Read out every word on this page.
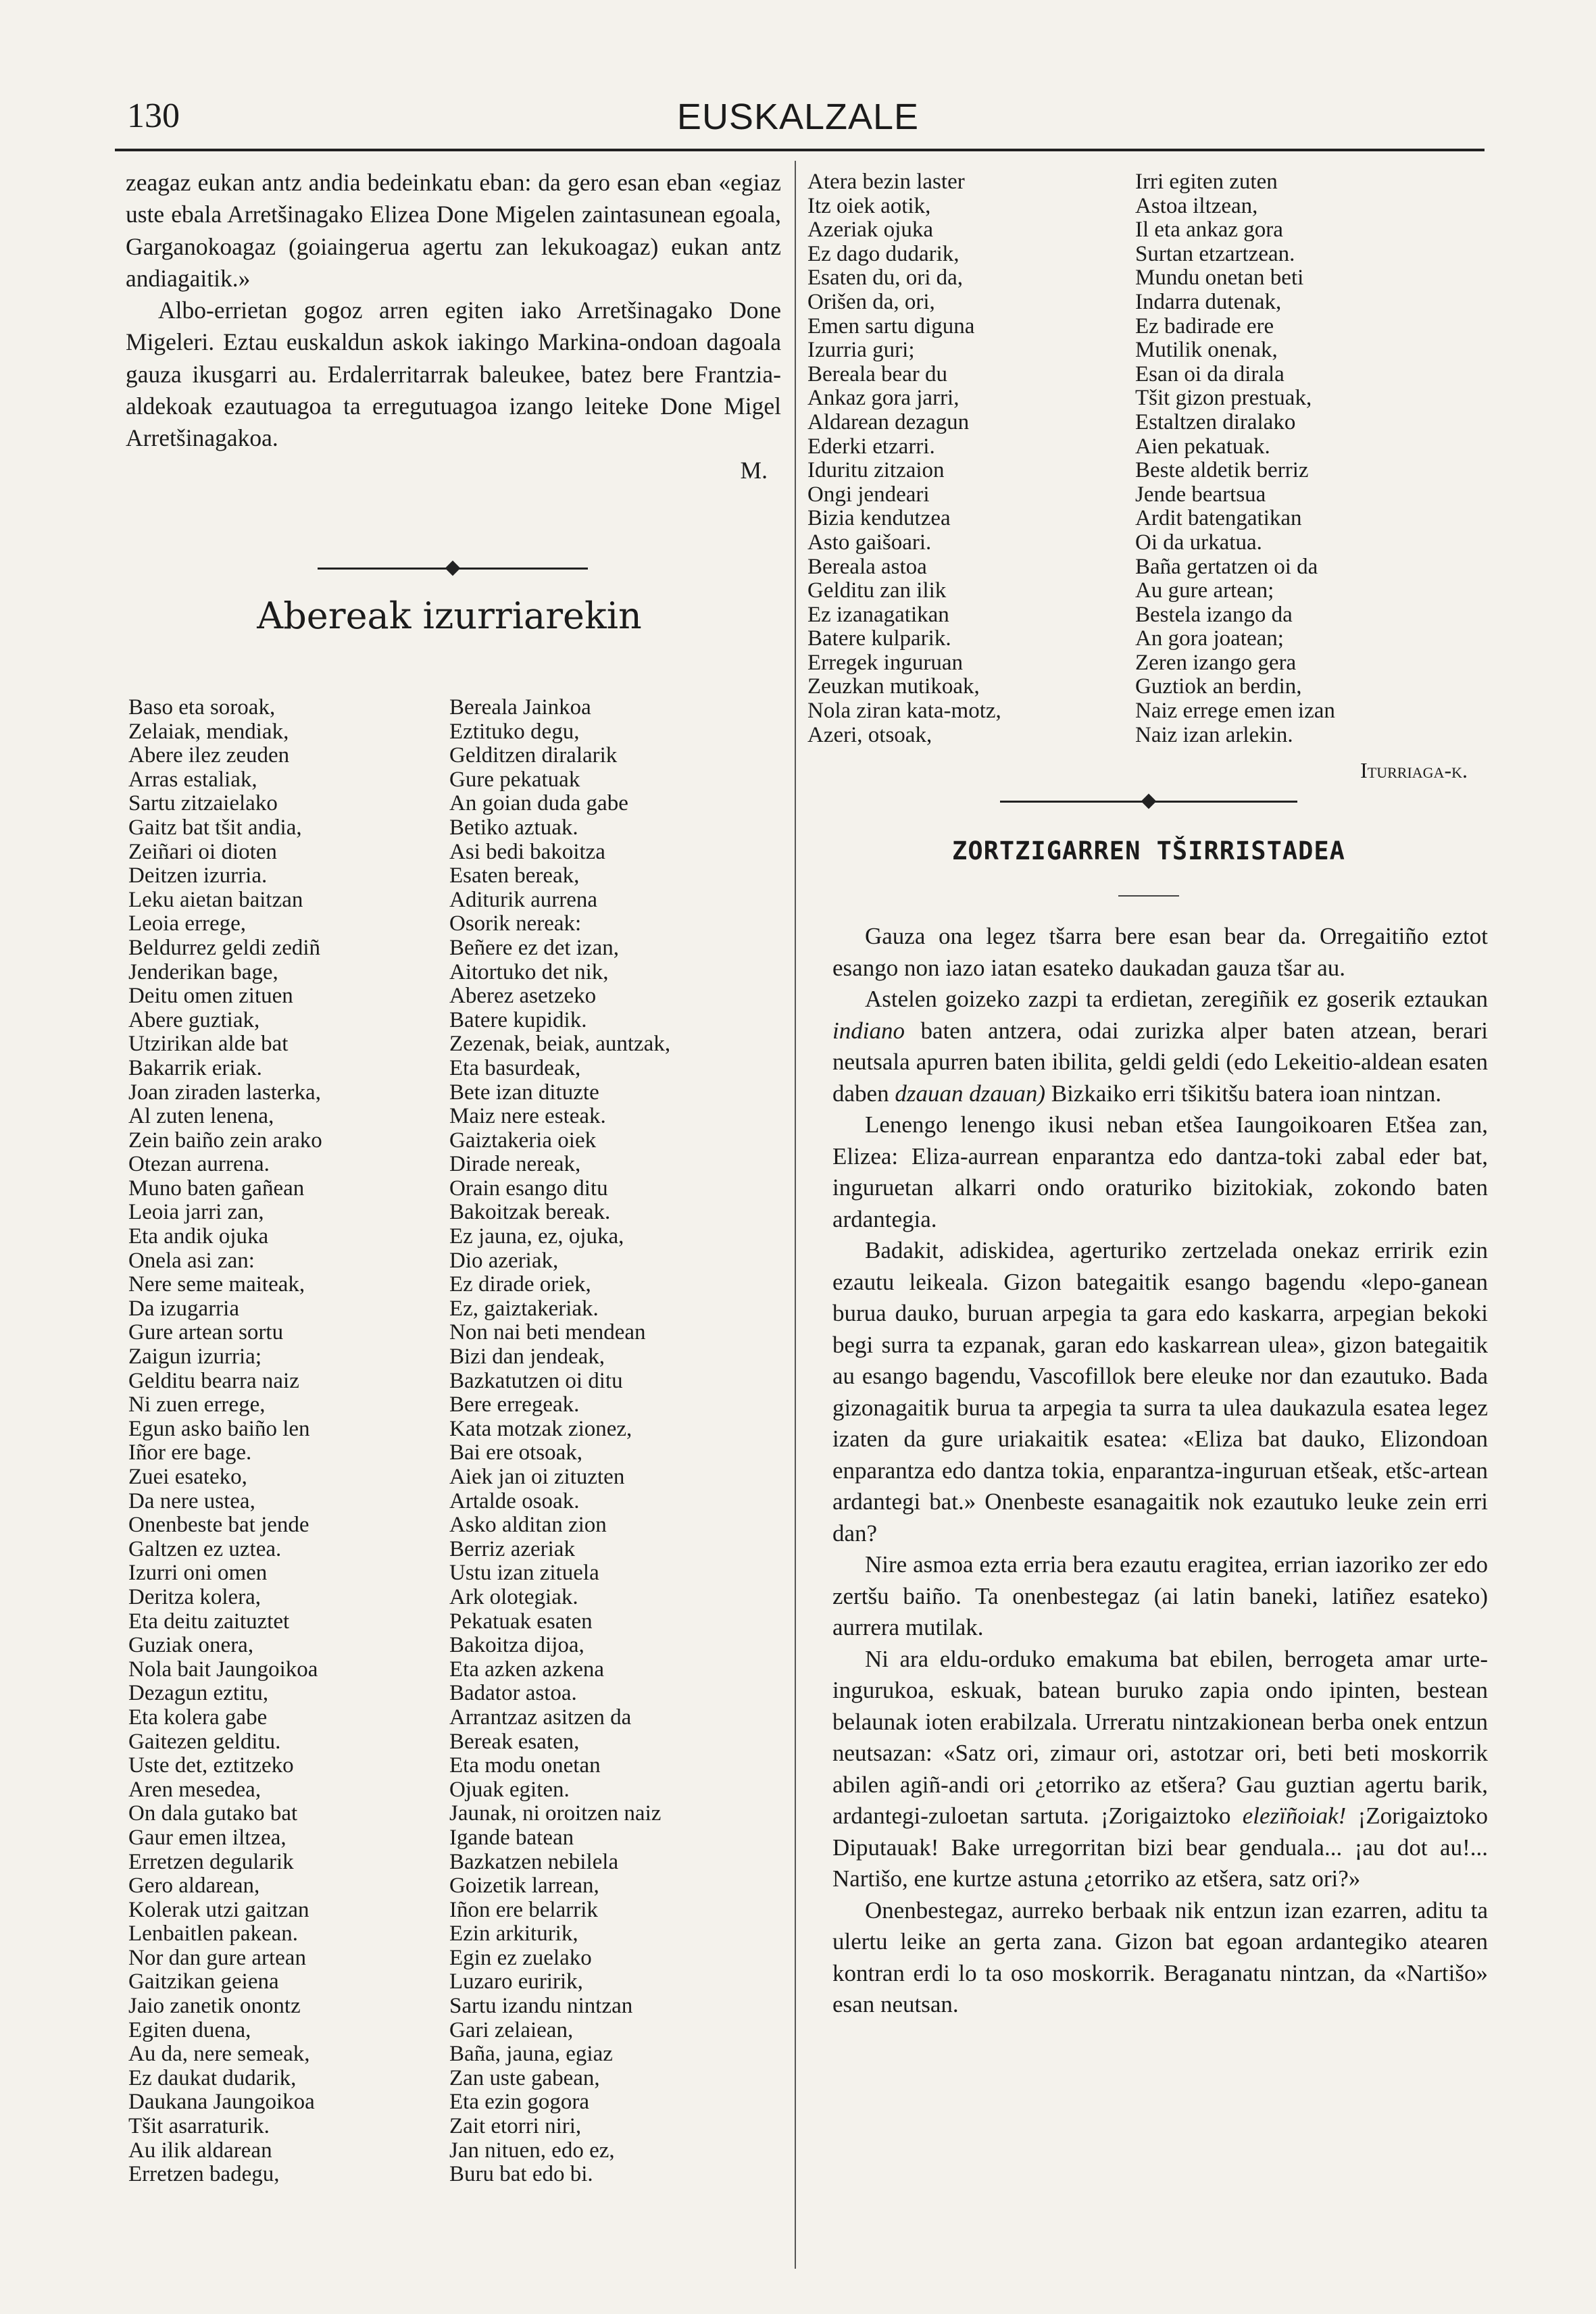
130	EUSKALZALE

zeagaz eukan antz andia bedeinkatu eban: da gero esan eban «egiaz uste ebala Arretšinagako Elizea Done Migelen zaintasunean egoala, Garganokoagaz (goiaingerua agertu zan lekukoagaz) eukan antz andiagaitik.»

Albo-errietan gogoz arren egiten iako Arretšinagako Done Migeleri. Eztau euskaldun askok iakingo Markina-ondoan dagoala gauza ikusgarri au. Erdalerritarrak baleukee, batez bere Frantzia-aldekoak ezautuagoa ta erregutuagoa izango leiteke Done Migel Arretšinagakoa.

M.

Abereak izurriarekin
Baso eta soroak,
Zelaiak, mendiak,
Abere ilez zeuden
Arras estaliak,
Sartu zitzaielako
Gaitz bat tšit andia,
Zeiñari oi dioten
Deitzen izurria.
Leku aietan baitzan
Leoia errege,
Beldurrez geldi zediñ
Jenderikan bage,
Deitu omen zituen
Abere guztiak,
Utzirikan alde bat
Bakarrik eriak.
Joan ziraden lasterka,
Al zuten lenena,
Zein baiño zein arako
Otezan aurrena.
Muno baten gañean
Leoia jarri zan,
Eta andik ojuka
Onela asi zan:
Nere seme maiteak,
Da izugarria
Gure artean sortu
Zaigun izurria;
Gelditu bearra naiz
Ni zuen errege,
Egun asko baiño len
Iñor ere bage.
Zuei esateko,
Da nere ustea,
Onenbeste bat jende
Galtzen ez uztea.
Izurri oni omen
Deritza kolera,
Eta deitu zaituztet
Guziak onera,
Nola bait Jaungoikoa
Dezagun eztitu,
Eta kolera gabe
Gaitezen gelditu.
Uste det, eztitzeko
Aren mesedea,
On dala gutako bat
Gaur emen iltzea,
Erretzen degularik
Gero aldarean,
Kolerak utzi gaitzan
Lenbaitlen pakean.
Nor dan gure artean
Gaitzikan geiena
Jaio zanetik onontz
Egiten duena,
Au da, nere semeak,
Ez daukat dudarik,
Daukana Jaungoikoa
Tšit asarraturik.
Au ilik aldarean
Erretzen badegu,
Bereala Jainkoa
Eztituko degu,
Gelditzen diralarik
Gure pekatuak
An goian duda gabe
Betiko aztuak.
Asi bedi bakoitza
Esaten bereak,
Aditurik aurrena
Osorik nereak:
Beñere ez det izan,
Aitortuko det nik,
Aberez asetzeko
Batere kupidik.
Zezenak, beiak, auntzak,
Eta basurdeak,
Bete izan dituzte
Maiz nere esteak.
Gaiztakeria oiek
Dirade nereak,
Orain esango ditu
Bakoitzak bereak.
Ez jauna, ez, ojuka,
Dio azeriak,
Ez dirade oriek,
Ez, gaiztakeriak.
Non nai beti mendean
Bizi dan jendeak,
Bazkatutzen oi ditu
Bere erregeak.
Kata motzak zionez,
Bai ere otsoak,
Aiek jan oi zituzten
Artalde osoak.
Asko alditan zion
Berriz azeriak
Ustu izan zituela
Ark olotegiak.
Pekatuak esaten
Bakoitza dijoa,
Eta azken azkena
Badator astoa.
Arrantzaz asitzen da
Bereak esaten,
Eta modu onetan
Ojuak egiten.
Jaunak, ni oroitzen naiz
Igande batean
Bazkatzen nebilela
Goizetik larrean,
Iñon ere belarrik
Ezin arkiturik,
Egin ez zuelako
Luzaro euririk,
Sartu izandu nintzan
Gari zelaiean,
Baña, jauna, egiaz
Zan uste gabean,
Eta ezin gogora
Zait etorri niri,
Jan nituen, edo ez,
Buru bat edo bi.
Atera bezin laster
Itz oiek aotik,
Azeriak ojuka
Ez dago dudarik,
Esaten du, ori da,
Orišen da, ori,
Emen sartu diguna
Izurria guri;
Bereala bear du
Ankaz gora jarri,
Aldarean dezagun
Ederki etzarri.
Iduritu zitzaion
Ongi jendeari
Bizia kendutzea
Asto gaišoari.
Bereala astoa
Gelditu zan ilik
Ez izanagatikan
Batere kulparik.
Erregek inguruan
Zeuzkan mutikoak,
Nola ziran kata-motz,
Azeri, otsoak,
Irri egiten zuten
Astoa iltzean,
Il eta ankaz gora
Surtan etzartzean.
Mundu onetan beti
Indarra dutenak,
Ez badirade ere
Mutilik onenak,
Esan oi da dirala
Tšit gizon prestuak,
Estaltzen diralako
Aien pekatuak.
Beste aldetik berriz
Jende beartsua
Ardit batengatikan
Oi da urkatua.
Baña gertatzen oi da
Au gure artean;
Bestela izango da
An gora joatean;
Zeren izango gera
Guztiok an berdin,
Naiz errege emen izan
Naiz izan arlekin.
Iturriaga-k.
ZORTZIGARREN TŠIRRISTADEA

Gauza ona legez tšarra bere esan bear da. Orregaitiño eztot esango non iazo iatan esateko daukadan gauza tšar au.

Astelen goizeko zazpi ta erdietan, zeregiñik ez goserik eztaukan indiano baten antzera, odai zurizka alper baten atzean, berari neutsala apurren baten ibilita, geldi geldi (edo Lekeitio-aldean esaten daben dzauan dzauan) Bizkaiko erri tšikitšu batera ioan nintzan.

Lenengo lenengo ikusi neban etšea Iaungoikoaren Etšea zan, Elizea: Eliza-aurrean enparantza edo dantza-toki zabal eder bat, inguruetan alkarri ondo oraturiko bizitokiak, zokondo baten ardantegia.

Badakit, adiskidea, agerturiko zertzelada onekaz erririk ezin ezautu leikeala. Gizon bategaitik esango bagendu «lepo-ganean burua dauko, buruan arpegia ta gara edo kaskarra, arpegian bekoki begi surra ta ezpanak, garan edo kaskarrean ulea», gizon bategaitik au esango bagendu, Vascofillok bere eleuke nor dan ezautuko. Bada gizonagaitik burua ta arpegia ta surra ta ulea daukazula esatea legez izaten da gure uriakaitik esatea: «Eliza bat dauko, Elizondoan enparantza edo dantza tokia, enparantza-inguruan etšeak, etšc-artean ardantegi bat.» Onenbeste esanagaitik nok ezautuko leuke zein erri dan?

Nire asmoa ezta erria bera ezautu eragitea, errian iazoriko zer edo zertšu baiño. Ta onenbestegaz (ai latin baneki, latiñez esateko) aurrera mutilak.

Ni ara eldu-orduko emakuma bat ebilen, berrogeta amar urte-ingurukoa, eskuak, batean buruko zapia ondo ipinten, bestean belaunak ioten erabilzala. Urreratu nintzakionean berba onek entzun neutsazan: «Satz ori, zimaur ori, astotzar ori, beti beti moskorrik abilen agiñ-andi ori ¿etorriko az etšera? Gau guztian agertu barik, ardantegi-zuloetan sartuta. ¡Zorigaiztoko elezïñoiak! ¡Zorigaiztoko Diputauak! Bake urregorritan bizi bear genduala... ¡au dot au!... Nartišo, ene kurtze astuna ¿etorriko az etšera, satz ori?»

Onenbestegaz, aurreko berbaak nik entzun izan ezarren, aditu ta ulertu leike an gerta zana. Gizon bat egoan ardantegiko atearen kontran erdi lo ta oso moskorrik. Beraganatu nintzan, da «Nartišo» esan neutsan.
